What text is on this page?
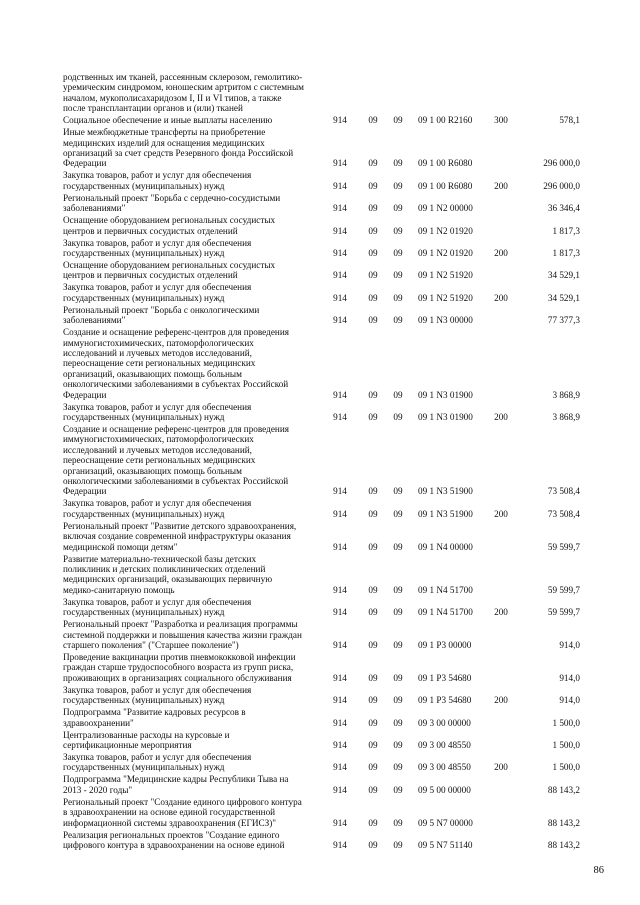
родственных им тканей, рассеянным склерозом, гемолитико-
уремическим синдромом, юношеским артритом с системным
началом, мукополисахаридозом I, II и VI типов, а также
после трансплантации органов и (или) тканей
Социальное обеспечение и иные выплаты населению	914	09	09	09 1 00 R2160	300	578,1
Иные межбюджетные трансферты на приобретение
медицинских изделий для оснащения медицинских
организаций за счет средств Резервного фонда Российской
Федерации	914	09	09	09 1 00 R6080	296 000,0
Закупка товаров, работ и услуг для обеспечения
государственных (муниципальных) нужд	914	09	09	09 1 00 R6080	200	296 000,0
Региональный проект "Борьба с сердечно-сосудистыми
заболеваниями"	914	09	09	09 1 N2 00000	36 346,4
Оснащение оборудованием региональных сосудистых
центров и первичных сосудистых отделений	914	09	09	09 1 N2 01920	1 817,3
Закупка товаров, работ и услуг для обеспечения
государственных (муниципальных) нужд	914	09	09	09 1 N2 01920	200	1 817,3
Оснащение оборудованием региональных сосудистых
центров и первичных сосудистых отделений	914	09	09	09 1 N2 51920	34 529,1
Закупка товаров, работ и услуг для обеспечения
государственных (муниципальных) нужд	914	09	09	09 1 N2 51920	200	34 529,1
Региональный проект "Борьба с онкологическими
заболеваниями"	914	09	09	09 1 N3 00000	77 377,3
Создание и оснащение референс-центров для проведения
иммуногистохимических, патоморфологических
исследований и лучевых методов исследований,
переоснащение сети региональных медицинских
организаций, оказывающих помощь больным
онкологическими заболеваниями в субъектах Российской
Федерации	914	09	09	09 1 N3 01900	3 868,9
Закупка товаров, работ и услуг для обеспечения
государственных (муниципальных) нужд	914	09	09	09 1 N3 01900	200	3 868,9
Создание и оснащение референс-центров для проведения
иммуногистохимических, патоморфологических
исследований и лучевых методов исследований,
переоснащение сети региональных медицинских
организаций, оказывающих помощь больным
онкологическими заболеваниями в субъектах Российской
Федерации	914	09	09	09 1 N3 51900	73 508,4
Закупка товаров, работ и услуг для обеспечения
государственных (муниципальных) нужд	914	09	09	09 1 N3 51900	200	73 508,4
Региональный проект "Развитие детского здравоохранения,
включая создание современной инфраструктуры оказания
медицинской помощи детям"	914	09	09	09 1 N4 00000	59 599,7
Развитие материально-технической базы детских
поликлиник и детских поликлинических отделений
медицинских организаций, оказывающих первичную
медико-санитарную помощь	914	09	09	09 1 N4 51700	59 599,7
Закупка товаров, работ и услуг для обеспечения
государственных (муниципальных) нужд	914	09	09	09 1 N4 51700	200	59 599,7
Региональный проект "Разработка и реализация программы
системной поддержки и повышения качества жизни граждан
старшего поколения" ("Старшее поколение")	914	09	09	09 1 P3 00000	914,0
Проведение вакцинации против пневмококковой инфекции
граждан старше трудоспособного возраста из групп риска,
проживающих в организациях социального обслуживания	914	09	09	09 1 P3 54680	914,0
Закупка товаров, работ и услуг для обеспечения
государственных (муниципальных) нужд	914	09	09	09 1 P3 54680	200	914,0
Подпрограмма "Развитие кадровых ресурсов в
здравоохранении"	914	09	09	09 3 00 00000	1 500,0
Централизованные расходы на курсовые и
сертификационные мероприятия	914	09	09	09 3 00 48550	1 500,0
Закупка товаров, работ и услуг для обеспечения
государственных (муниципальных) нужд	914	09	09	09 3 00 48550	200	1 500,0
Подпрограмма "Медицинские кадры Республики Тыва на
2013 - 2020 годы"	914	09	09	09 5 00 00000	88 143,2
Региональный проект "Создание единого цифрового контура
в здравоохранении на основе единой государственной
информационной системы здравоохранения (ЕГИСЗ)"	914	09	09	09 5 N7 00000	88 143,2
Реализация региональных проектов "Создание единого
цифрового контура в здравоохранении на основе единой	914	09	09	09 5 N7 51140	88 143,2
86
